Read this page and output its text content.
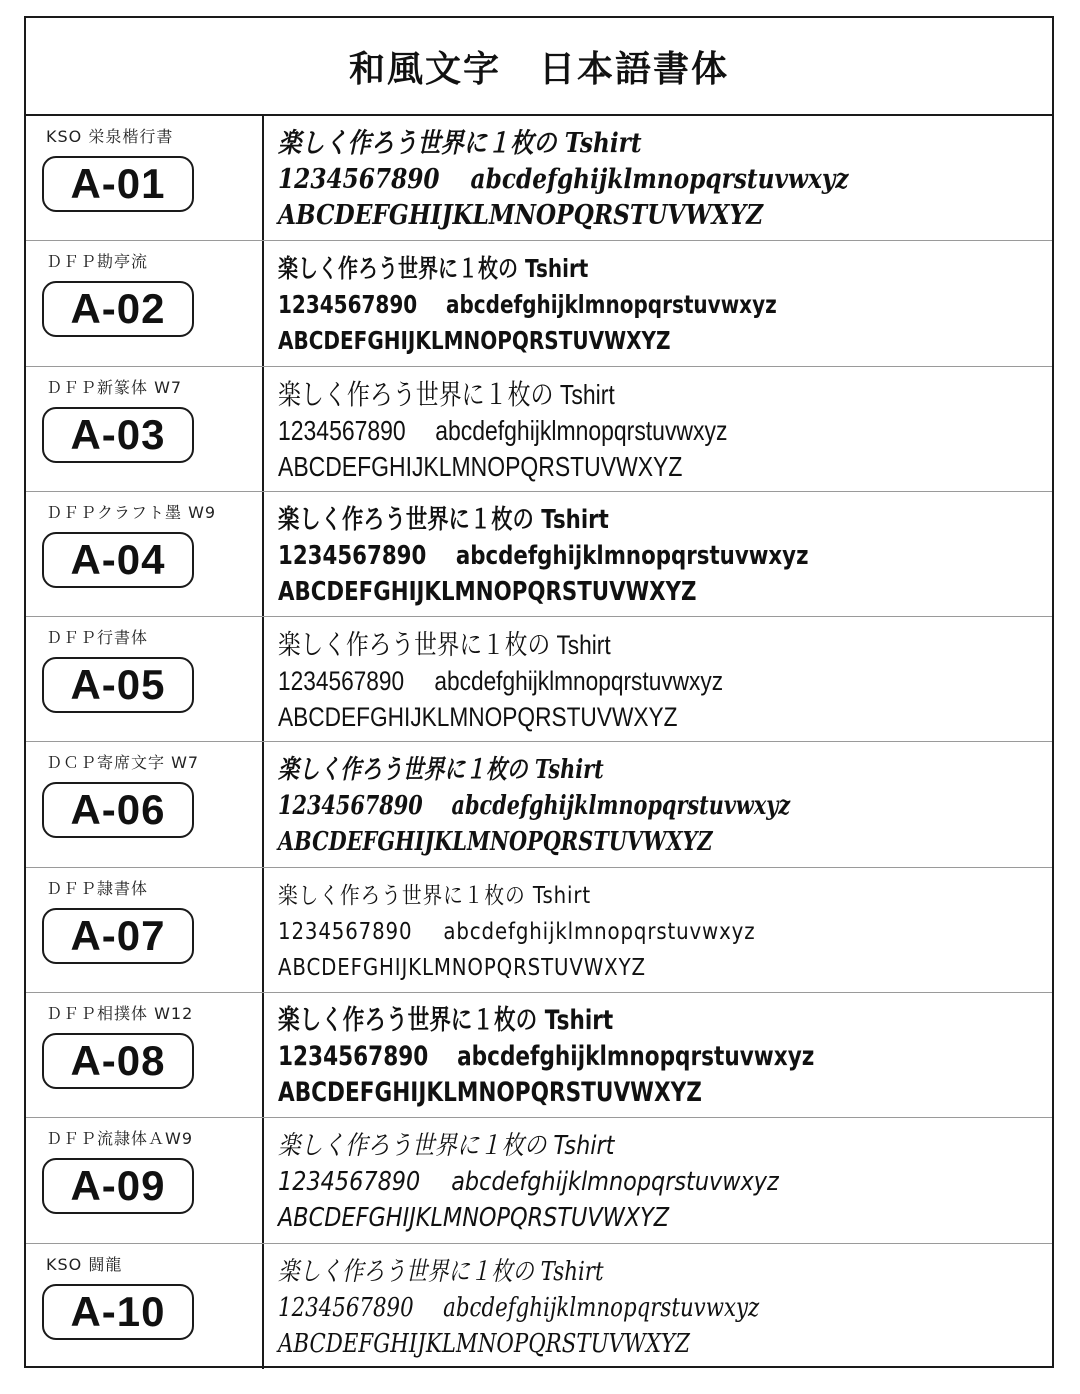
和風文字　日本語書体
KSO 栄泉楷行書
A-01
楽しく作ろう世界に１枚の Tshirt
1234567890 abcdefghijklmnopqrstuvwxyz
ABCDEFGHIJKLMNOPQRSTUVWXYZ
ＤＦＰ勘亭流
A-02
楽しく作ろう世界に１枚の Tshirt
1234567890 abcdefghijklmnopqrstuvwxyz
ABCDEFGHIJKLMNOPQRSTUVWXYZ
ＤＦＰ新篆体 W7
A-03
楽しく作ろう世界に１枚の Tshirt
1234567890 abcdefghijklmnopqrstuvwxyz
ABCDEFGHIJKLMNOPQRSTUVWXYZ
ＤＦＰクラフト墨 W9
A-04
楽しく作ろう世界に１枚の Tshirt
1234567890 abcdefghijklmnopqrstuvwxyz
ABCDEFGHIJKLMNOPQRSTUVWXYZ
ＤＦＰ行書体
A-05
楽しく作ろう世界に１枚の Tshirt
1234567890 abcdefghijklmnopqrstuvwxyz
ABCDEFGHIJKLMNOPQRSTUVWXYZ
ＤＣＰ寄席文字 W7
A-06
楽しく作ろう世界に１枚の Tshirt
1234567890 abcdefghijklmnopqrstuvwxyz
ABCDEFGHIJKLMNOPQRSTUVWXYZ
ＤＦＰ隷書体
A-07
楽しく作ろう世界に１枚の Tshirt
1234567890 abcdefghijklmnopqrstuvwxyz
ABCDEFGHIJKLMNOPQRSTUVWXYZ
ＤＦＰ相撲体 W12
A-08
楽しく作ろう世界に１枚の Tshirt
1234567890 abcdefghijklmnopqrstuvwxyz
ABCDEFGHIJKLMNOPQRSTUVWXYZ
ＤＦＰ流隷体ＡW9
A-09
楽しく作ろう世界に１枚の Tshirt
1234567890 abcdefghijklmnopqrstuvwxyz
ABCDEFGHIJKLMNOPQRSTUVWXYZ
KSO 闘龍
A-10
楽しく作ろう世界に１枚の Tshirt
1234567890 abcdefghijklmnopqrstuvwxyz
ABCDEFGHIJKLMNOPQRSTUVWXYZ
